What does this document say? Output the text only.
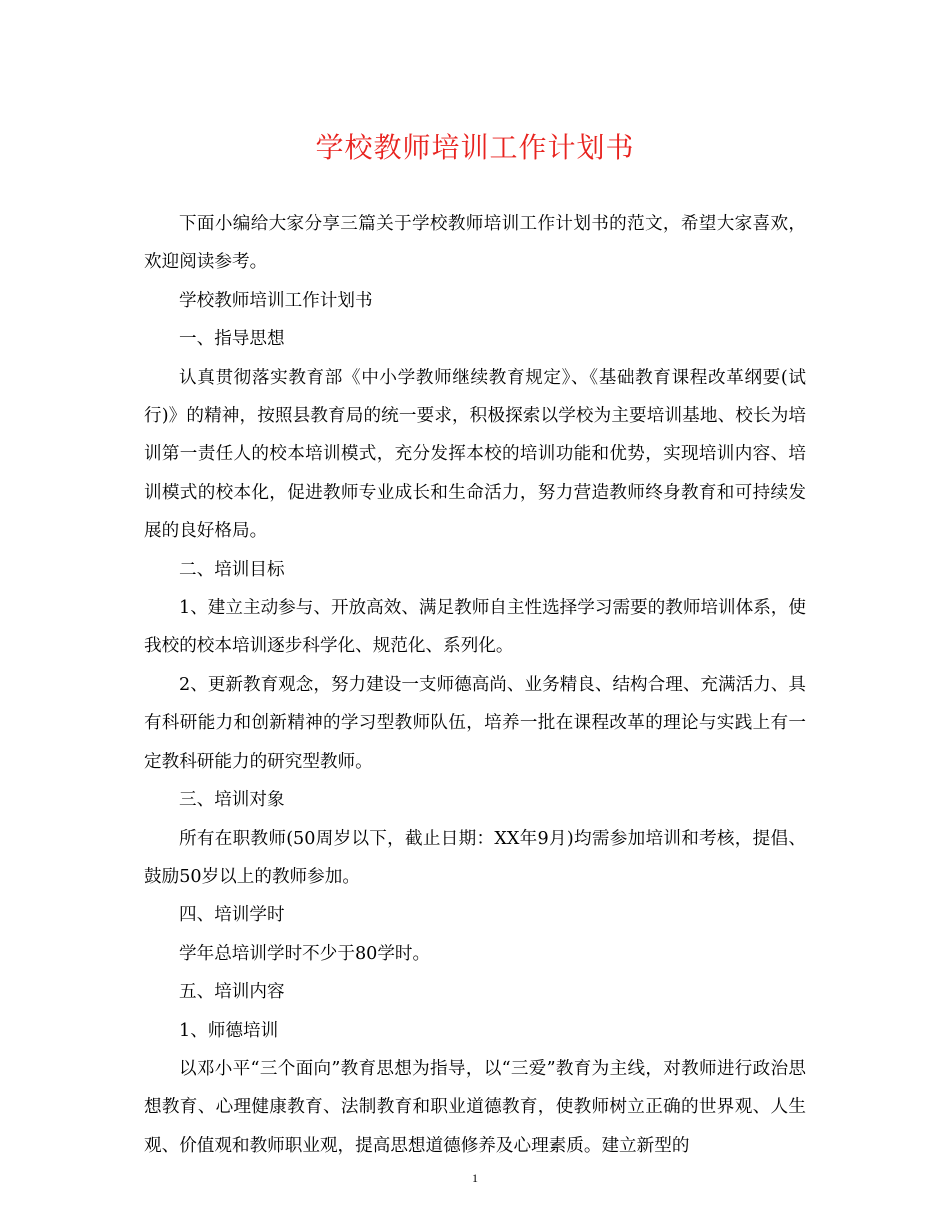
学校教师培训工作计划书

下面小编给大家分享三篇关于学校教师培训工作计划书的范文，希望大家喜欢，欢迎阅读参考。

学校教师培训工作计划书

一、指导思想

认真贯彻落实教育部《中小学教师继续教育规定》、《基础教育课程改革纲要(试行)》的精神，按照县教育局的统一要求，积极探索以学校为主要培训基地、校长为培训第一责任人的校本培训模式，充分发挥本校的培训功能和优势，实现培训内容、培训模式的校本化，促进教师专业成长和生命活力，努力营造教师终身教育和可持续发展的良好格局。

二、培训目标

1、建立主动参与、开放高效、满足教师自主性选择学习需要的教师培训体系，使我校的校本培训逐步科学化、规范化、系列化。

2、更新教育观念，努力建设一支师德高尚、业务精良、结构合理、充满活力、具有科研能力和创新精神的学习型教师队伍，培养一批在课程改革的理论与实践上有一定教科研能力的研究型教师。

三、培训对象

所有在职教师(50周岁以下，截止日期：XX年9月)均需参加培训和考核，提倡、鼓励50岁以上的教师参加。

四、培训学时

学年总培训学时不少于80学时。

五、培训内容

1、师德培训

以邓小平“三个面向”教育思想为指导，以“三爱”教育为主线，对教师进行政治思想教育、心理健康教育、法制教育和职业道德教育，使教师树立正确的世界观、人生观、价值观和教师职业观，提高思想道德修养及心理素质。建立新型的

1
